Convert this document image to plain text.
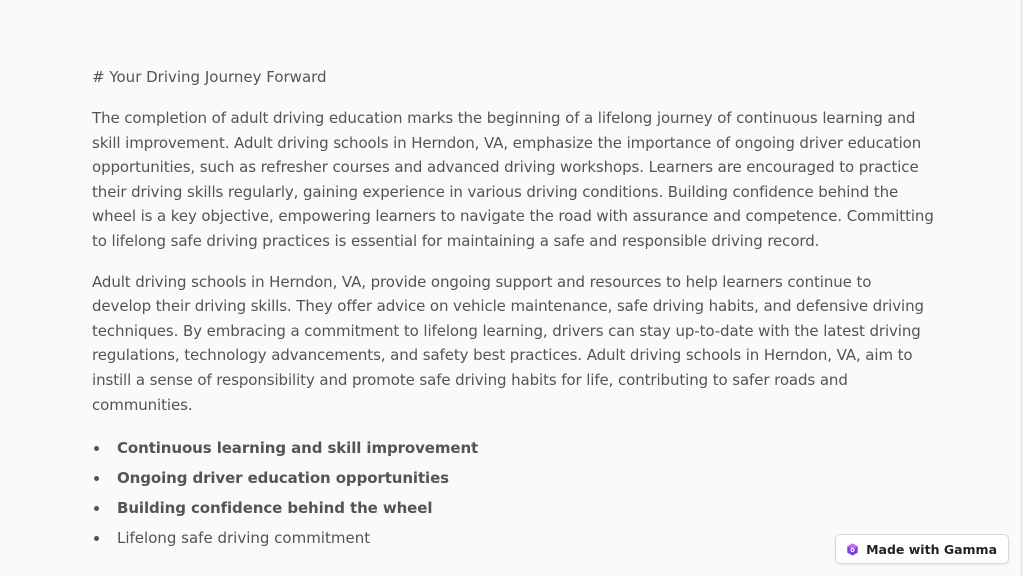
# Your Driving Journey Forward

The completion of adult driving education marks the beginning of a lifelong journey of continuous learning and skill improvement. Adult driving schools in Herndon, VA, emphasize the importance of ongoing driver education opportunities, such as refresher courses and advanced driving workshops. Learners are encouraged to practice their driving skills regularly, gaining experience in various driving conditions. Building confidence behind the wheel is a key objective, empowering learners to navigate the road with assurance and competence. Committing to lifelong safe driving practices is essential for maintaining a safe and responsible driving record.

Adult driving schools in Herndon, VA, provide ongoing support and resources to help learners continue to develop their driving skills. They offer advice on vehicle maintenance, safe driving habits, and defensive driving techniques. By embracing a commitment to lifelong learning, drivers can stay up-to-date with the latest driving regulations, technology advancements, and safety best practices. Adult driving schools in Herndon, VA, aim to instill a sense of responsibility and promote safe driving habits for life, contributing to safer roads and communities.

Continuous learning and skill improvement
Ongoing driver education opportunities
Building confidence behind the wheel
Lifelong safe driving commitment
Made with Gamma
